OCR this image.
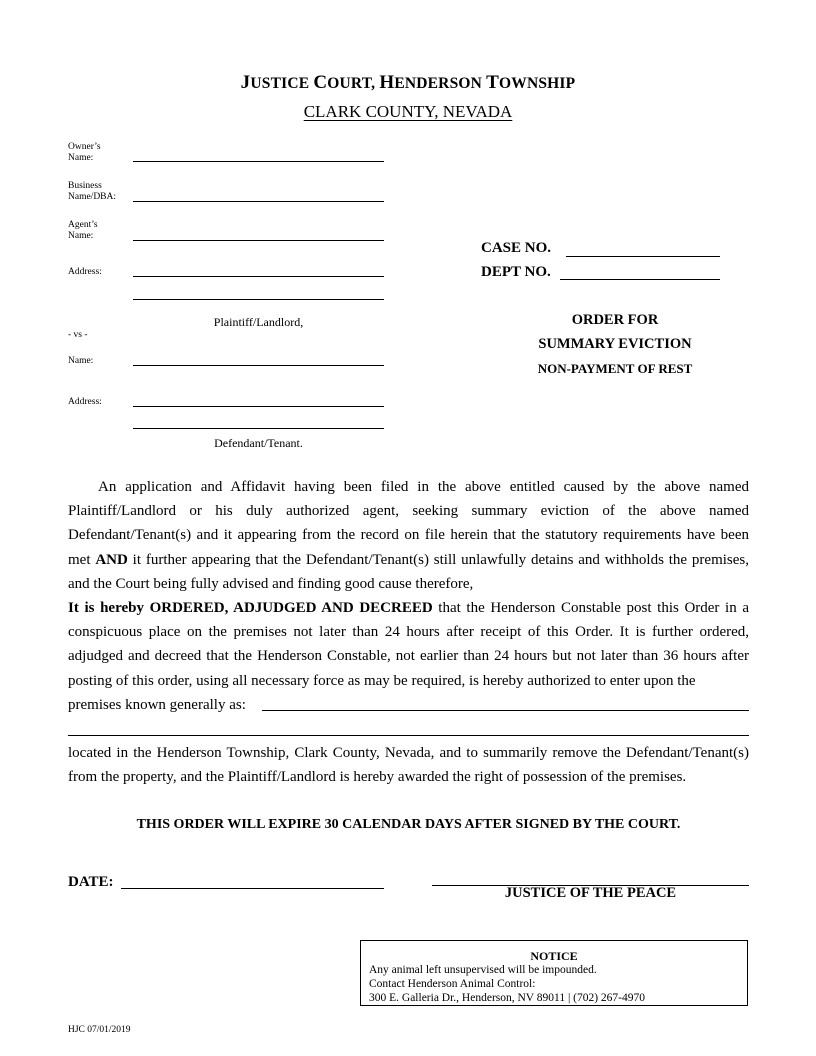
JUSTICE COURT, HENDERSON TOWNSHIP
CLARK COUNTY, NEVADA
Owner’s
Name:
Business
Name/DBA:
Agent’s
Name:
Address:
Plaintiff/Landlord,
- vs -
Name:
Address:
Defendant/Tenant.
CASE NO.
DEPT NO.
ORDER FOR
SUMMARY EVICTION
NON-PAYMENT OF REST

An application and Affidavit having been filed in the above entitled caused by the above named Plaintiff/Landlord or his duly authorized agent, seeking summary eviction of the above named Defendant/Tenant(s) and it appearing from the record on file herein that the statutory requirements have been met AND it further appearing that the Defendant/Tenant(s) still unlawfully detains and withholds the premises, and the Court being fully advised and finding good cause therefore,

It is hereby ORDERED, ADJUDGED AND DECREED that the Henderson Constable post this Order in a conspicuous place on the premises not later than 24 hours after receipt of this Order. It is further ordered, adjudged and decreed that the Henderson Constable, not earlier than 24 hours but not later than 36 hours after posting of this order, using all necessary force as may be required, is hereby authorized to enter upon the
premises known generally as:
located in the Henderson Township, Clark County, Nevada, and to summarily remove the Defendant/Tenant(s) from the property, and the Plaintiff/Landlord is hereby awarded the right of possession of the premises.
THIS ORDER WILL EXPIRE 30 CALENDAR DAYS AFTER SIGNED BY THE COURT.
DATE:
JUSTICE OF THE PEACE
NOTICE
Any animal left unsupervised will be impounded.
Contact Henderson Animal Control:
300 E. Galleria Dr., Henderson, NV 89011 | (702) 267-4970
HJC 07/01/2019
